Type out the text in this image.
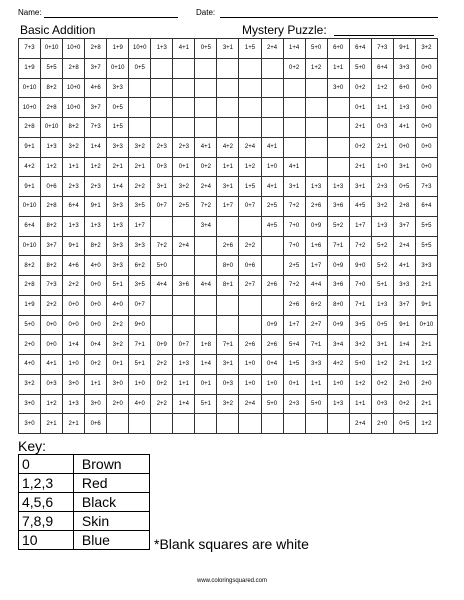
Name:	Date:
Basic Addition	Mystery Puzzle:
7+3	0+10	10+0	2+8	1+9	10+0	1+3	4+1	0+5	3+1	1+5	2+4	1+4	5+0	6+0	6+4	7+3	9+1	3+2
1+9	5+5	2+8	3+7	0+10	0+5							0+2	1+2	1+1	5+0	6+4	3+3	0+0
0+10	8+2	10+0	4+6	3+3										3+0	0+2	1+2	6+0	0+0
10+0	2+8	10+0	3+7	0+5											0+1	1+1	1+3	0+0
2+8	0+10	8+2	7+3	1+5											2+1	0+3	4+1	0+0
9+1	1+3	3+2	1+4	3+3	3+2	2+3	2+3	4+1	4+2	2+4	4+1				0+2	2+1	0+0	0+0
4+2	1+2	1+1	1+2	2+1	2+1	0+3	0+1	0+2	1+1	1+2	1+0	4+1			2+1	1+0	3+1	0+0
9+1	0+6	2+3	2+3	1+4	2+2	3+1	3+2	2+4	3+1	1+5	4+1	3+1	1+3	1+3	3+1	2+3	0+5	7+3
0+10	2+8	6+4	9+1	3+3	3+5	0+7	2+5	7+2	1+7	0+7	2+5	7+2	2+6	3+6	4+5	3+2	2+8	6+4
6+4	8+2	1+3	1+3	1+3	1+7			3+4			4+5	7+0	0+9	5+2	1+7	1+3	3+7	5+5
0+10	3+7	9+1	8+2	3+3	3+3	7+2	2+4		2+6	2+2		7+0	1+6	7+1	7+2	5+2	2+4	5+5
8+2	8+2	4+6	4+0	3+3	6+2	5+0			8+0	0+6		2+5	1+7	0+9	9+0	5+2	4+1	3+3
2+8	7+3	2+2	0+0	5+1	3+5	4+4	3+6	4+4	8+1	2+7	2+6	7+2	4+4	3+6	7+0	5+1	3+3	2+1
1+9	2+2	0+0	0+0	4+0	0+7							2+6	6+2	8+0	7+1	1+3	3+7	9+1
5+0	0+0	0+0	0+0	2+2	9+0						0+9	1+7	2+7	0+9	3+5	0+5	9+1	0+10
2+0	0+0	1+4	0+4	3+2	7+1	0+9	0+7	1+8	7+1	2+6	2+6	5+4	7+1	3+4	3+2	3+1	1+4	2+1
4+0	4+1	1+0	0+2	0+1	5+1	2+2	1+3	1+4	3+1	1+0	0+4	1+5	3+3	4+2	5+0	1+2	2+1	1+2
3+2	0+3	3+0	1+1	3+0	1+0	0+2	1+1	0+1	0+3	1+0	1+0	0+1	1+1	1+0	1+2	0+2	2+0	2+0
3+0	1+2	1+3	3+0	2+0	4+0	2+2	1+4	5+1	3+2	2+4	5+0	2+3	5+0	1+3	1+1	0+3	0+2	2+1
3+0	2+1	2+1	0+6												2+4	2+0	0+5	1+2
Key:
0	Brown
1,2,3	Red
4,5,6	Black
7,8,9	Skin
10	Blue	*Blank squares are white
www.coloringsquared.com
